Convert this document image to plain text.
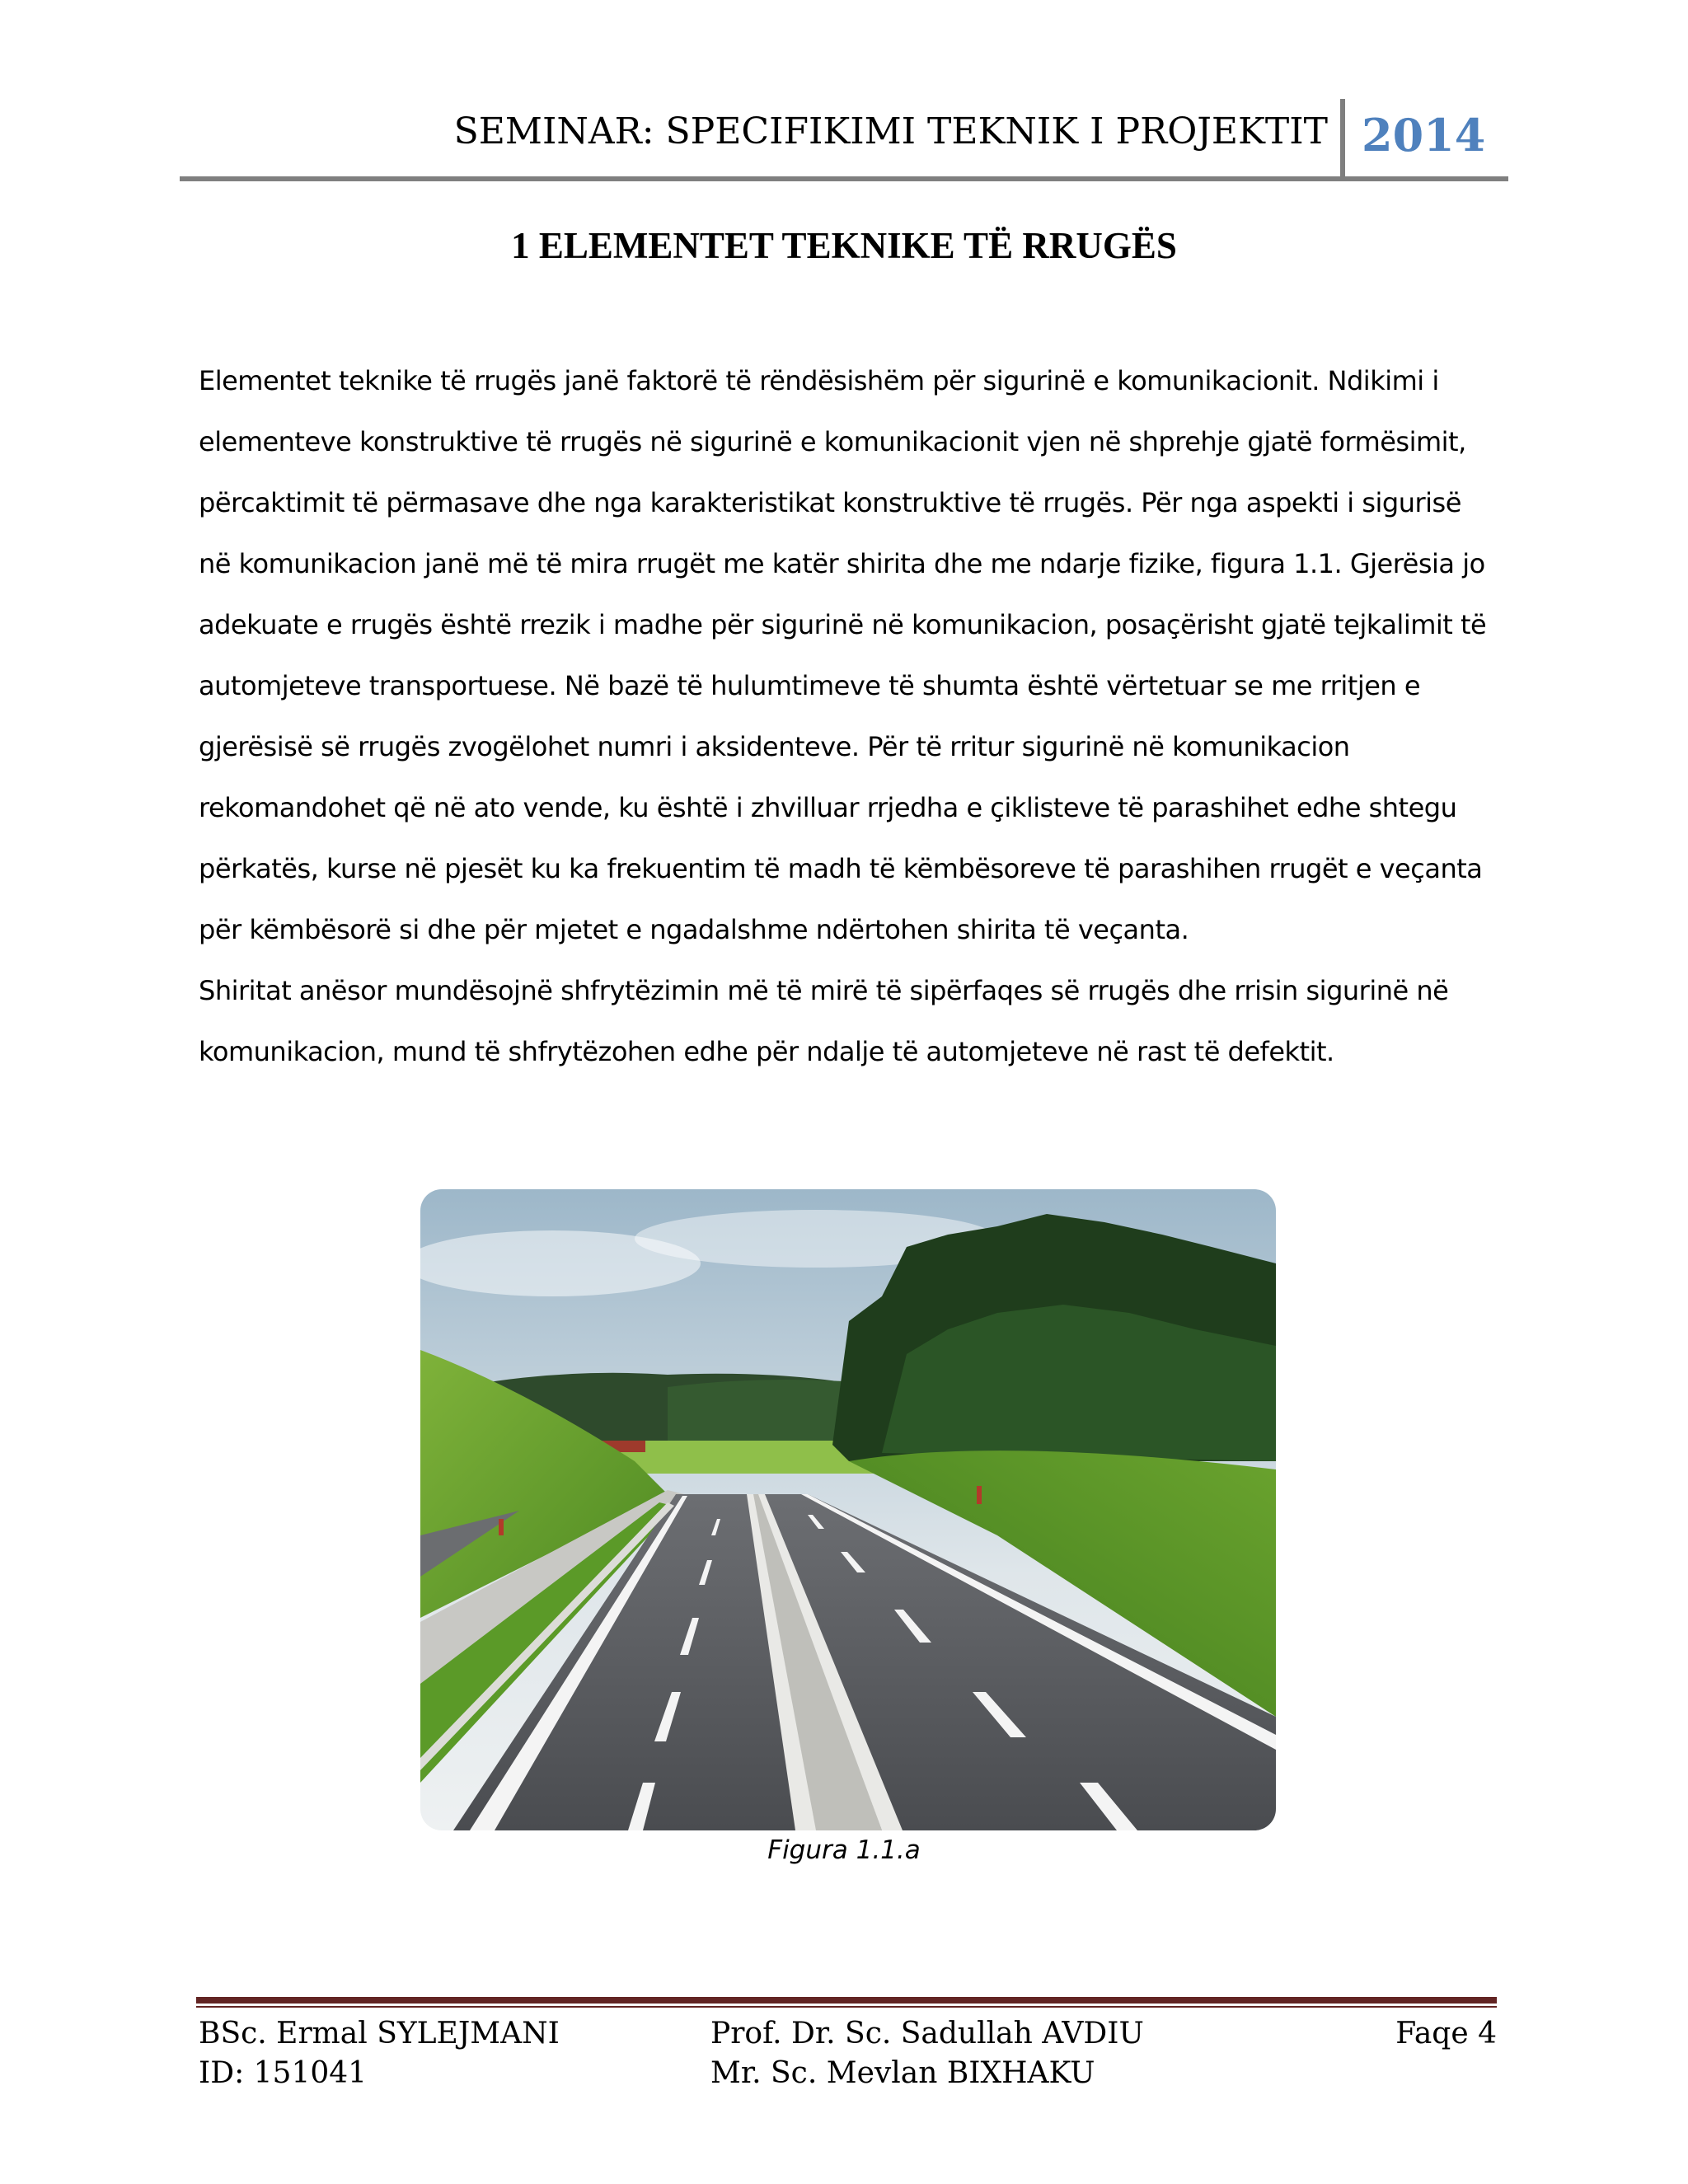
SEMINAR: SPECIFIKIMI TEKNIK I PROJEKTIT 2014
1 ELEMENTET TEKNIKE TË RRUGËS

Elementet teknike të rrugës janë faktorë të rëndësishëm për sigurinë e komunikacionit. Ndikimi i elementeve konstruktive të rrugës në sigurinë e komunikacionit vjen në shprehje gjatë formësimit, përcaktimit të përmasave dhe nga karakteristikat konstruktive të rrugës. Për nga aspekti i sigurisë në komunikacion janë më të mira rrugët me katër shirita dhe me ndarje fizike, figura 1.1. Gjerësia jo adekuate e rrugës është rrezik i madhe për sigurinë në komunikacion, posaçërisht gjatë tejkalimit të automjeteve transportuese. Në bazë të hulumtimeve të shumta është vërtetuar se me rritjen e gjerësisë së rrugës zvogëlohet numri i aksidenteve. Për të rritur sigurinë në komunikacion rekomandohet që në ato vende, ku është i zhvilluar rrjedha e çiklisteve të parashihet edhe shtegu përkatës, kurse në pjesët ku ka frekuentim të madh të këmbësoreve të parashihen rrugët e veçanta për këmbësorë si dhe për mjetet e ngadalshme ndërtohen shirita të veçanta.

Shiritat anësor mundësojnë shfrytëzimin më të mirë të sipërfaqes së rrugës dhe rrisin sigurinë në komunikacion, mund të shfrytëzohen edhe për ndalje të automjeteve në rast të defektit.

Figura 1.1.a
BSc. Ermal SYLEJMANI
ID: 151041
Prof. Dr. Sc. Sadullah AVDIU
Mr. Sc. Mevlan BIXHAKU
Faqe 4
